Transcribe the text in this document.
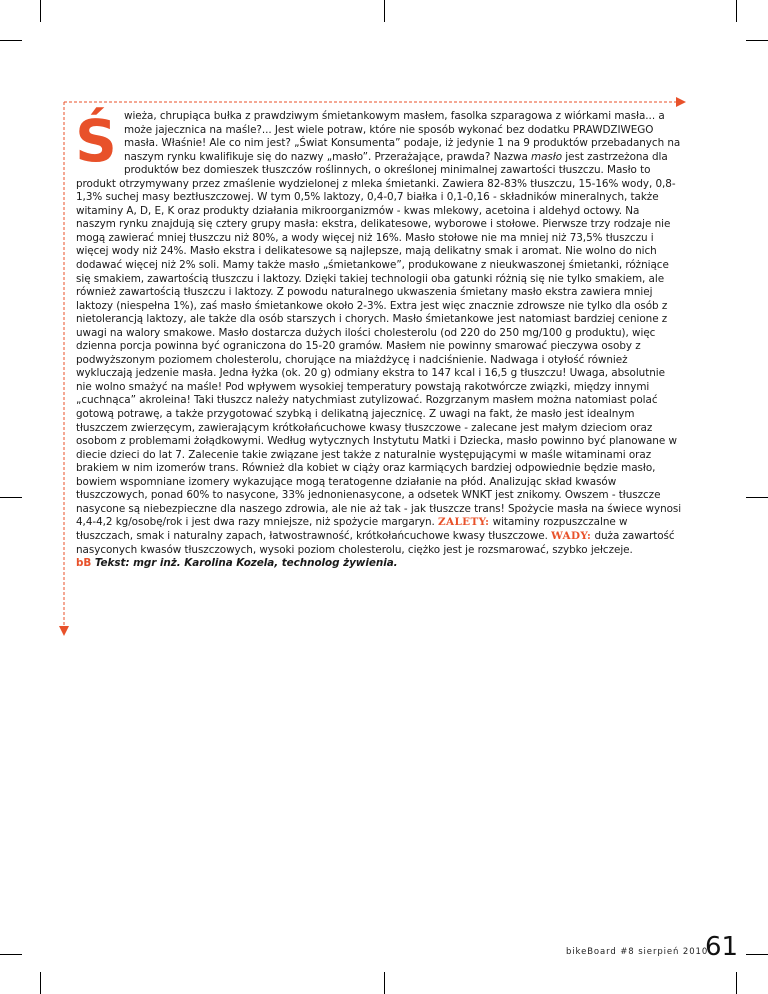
Ś wieża, chrupiąca bułka z prawdziwym śmietankowym masłem, fasolka szparagowa z wiórkami masła... a może jajecznica na maśle?... Jest wiele potraw, które nie sposób wykonać bez dodatku PRAWDZIWEGO masła. Właśnie! Ale co nim jest? „Świat Konsumenta” podaje, iż jedynie 1 na 9 produktów przebadanych na naszym rynku kwalifikuje się do nazwy „masło”. Przerażające, prawda? Nazwa masło jest zastrzeżona dla produktów bez domieszek tłuszczów roślinnych, o określonej minimalnej zawartości tłuszczu. Masło to produkt otrzymywany przez zmaślenie wydzielonej z mleka śmietanki. Zawiera 82-83% tłuszczu, 15-16% wody, 0,8-1,3% suchej masy beztłuszczowej. W tym 0,5% laktozy, 0,4-0,7 białka i 0,1-0,16 - składników mineralnych, także witaminy A, D, E, K oraz produkty działania mikroorganizmów - kwas mlekowy, acetoina i aldehyd octowy. Na naszym rynku znajdują się cztery grupy masła: ekstra, delikatesowe, wyborowe i stołowe. Pierwsze trzy rodzaje nie mogą zawierać mniej tłuszczu niż 80%, a wody więcej niż 16%. Masło stołowe nie ma mniej niż 73,5% tłuszczu i więcej wody niż 24%. Masło ekstra i delikatesowe są najlepsze, mają delikatny smak i aromat. Nie wolno do nich dodawać więcej niż 2% soli. Mamy także masło „śmietankowe”, produkowane z nieukwaszonej śmietanki, różniące się smakiem, zawartością tłuszczu i laktozy. Dzięki takiej technologii oba gatunki różnią się nie tylko smakiem, ale również zawartością tłuszczu i laktozy. Z powodu naturalnego ukwaszenia śmietany masło ekstra zawiera mniej laktozy (niespełna 1%), zaś masło śmietankowe około 2-3%. Extra jest więc znacznie zdrowsze nie tylko dla osób z nietolerancją laktozy, ale także dla osób starszych i chorych. Masło śmietankowe jest natomiast bardziej cenione z uwagi na walory smakowe. Masło dostarcza dużych ilości cholesterolu (od 220 do 250 mg/100 g produktu), więc dzienna porcja powinna być ograniczona do 15-20 gramów. Masłem nie powinny smarować pieczywa osoby z podwyższonym poziomem cholesterolu, chorujące na miażdżycę i nadciśnienie. Nadwaga i otyłość również wykluczają jedzenie masła. Jedna łyżka (ok. 20 g) odmiany ekstra to 147 kcal i 16,5 g tłuszczu! Uwaga, absolutnie nie wolno smażyć na maśle! Pod wpływem wysokiej temperatury powstają rakotwórcze związki, między innymi „cuchnąca” akroleina! Taki tłuszcz należy natychmiast zutylizować. Rozgrzanym masłem można natomiast polać gotową potrawę, a także przygotować szybką i delikatną jajecznicę. Z uwagi na fakt, że masło jest idealnym tłuszczem zwierzęcym, zawierającym krótkołańcuchowe kwasy tłuszczowe - zalecane jest małym dzieciom oraz osobom z problemami żołądkowymi. Według wytycznych Instytutu Matki i Dziecka, masło powinno być planowane w diecie dzieci do lat 7. Zalecenie takie związane jest także z naturalnie występującymi w maśle witaminami oraz brakiem w nim izomerów trans. Również dla kobiet w ciąży oraz karmiących bardziej odpowiednie będzie masło, bowiem wspomniane izomery wykazujące mogą teratogenne działanie na płód. Analizując skład kwasów tłuszczowych, ponad 60% to nasycone, 33% jednonienasycone, a odsetek WNKT jest znikomy. Owszem - tłuszcze nasycone są niebezpieczne dla naszego zdrowia, ale nie aż tak - jak tłuszcze trans! Spożycie masła na świece wynosi 4,4-4,2 kg/osobę/rok i jest dwa razy mniejsze, niż spożycie margaryn. ZALETY: witaminy rozpuszczalne w tłuszczach, smak i naturalny zapach, łatwostrawność, krótkołańcuchowe kwasy tłuszczowe. WADY: duża zawartość nasyconych kwasów tłuszczowych, wysoki poziom cholesterolu, ciężko jest je rozsmarować, szybko jełczeje.

bB Tekst: mgr inż. Karolina Kozela, technolog żywienia.

bikeBoard #8 sierpień 2010
61
